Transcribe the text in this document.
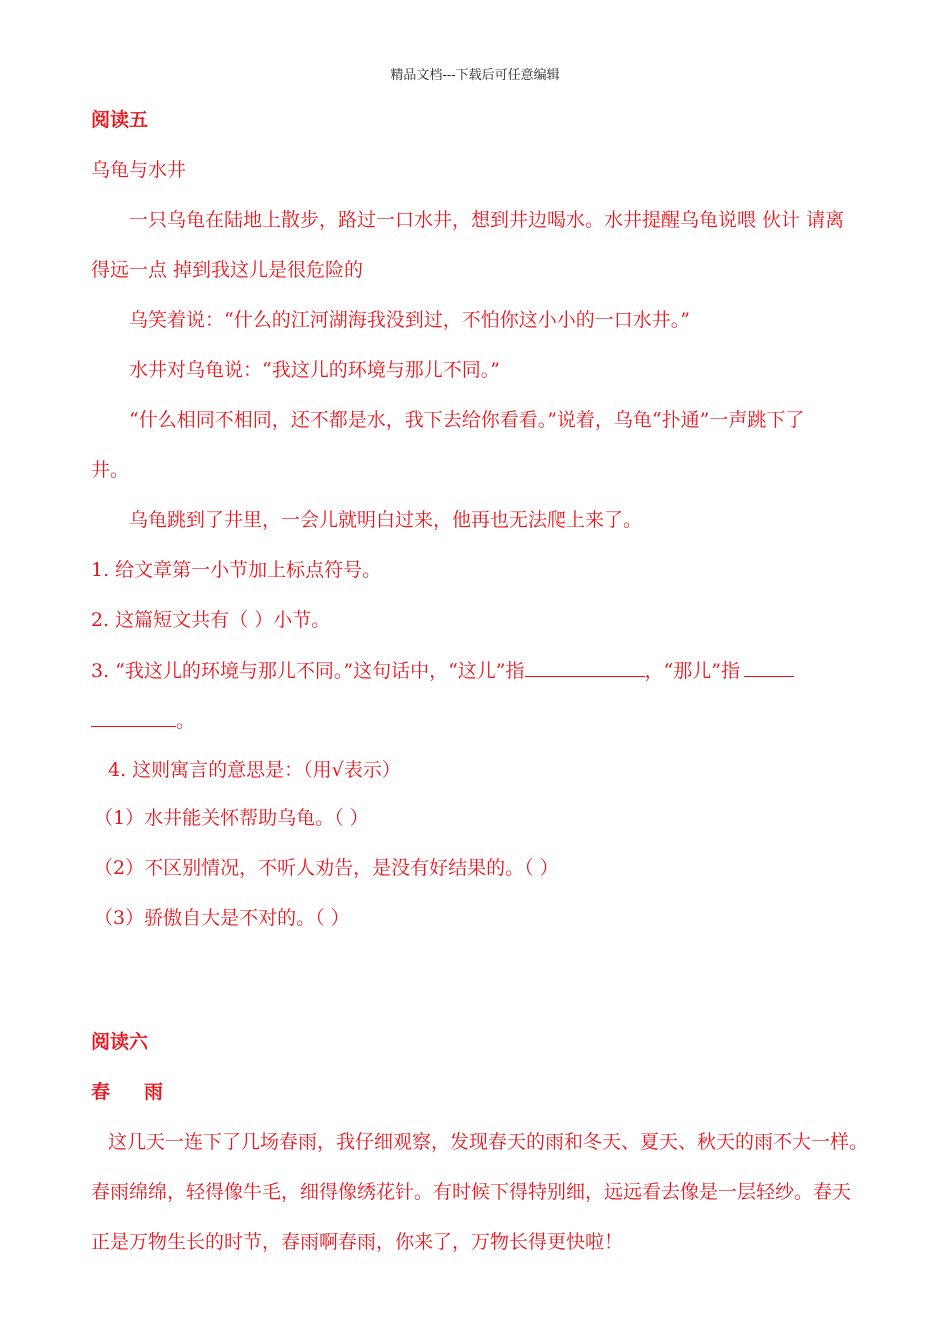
精品文档---下载后可任意编辑
阅读五
乌龟与水井
一只乌龟在陆地上散步，路过一口水井，想到井边喝水。水井提醒乌龟说喂 伙计 请离
得远一点 掉到我这儿是很危险的
乌笑着说：“什么的江河湖海我没到过，不怕你这小小的一口水井。”
水井对乌龟说：“我这儿的环境与那儿不同。”
“什么相同不相同，还不都是水，我下去给你看看。”说着，乌龟“扑通”一声跳下了
井。
乌龟跳到了井里，一会儿就明白过来，他再也无法爬上来了。
1. 给文章第一小节加上标点符号。
2. 这篇短文共有（ ）小节。
3. “我这儿的环境与那儿不同。”这句话中，“这儿”指	，“那儿”指
。
4. 这则寓言的意思是：（用√表示）
（1）水井能关怀帮助乌龟。（ ）
（2）不区别情况，不听人劝告，是没有好结果的。（ ）
（3）骄傲自大是不对的。（ ）
阅读六
春 雨
这几天一连下了几场春雨，我仔细观察，发现春天的雨和冬天、夏天、秋天的雨不大一样。
春雨绵绵，轻得像牛毛，细得像绣花针。有时候下得特别细，远远看去像是一层轻纱。春天
正是万物生长的时节，春雨啊春雨，你来了，万物长得更快啦！
